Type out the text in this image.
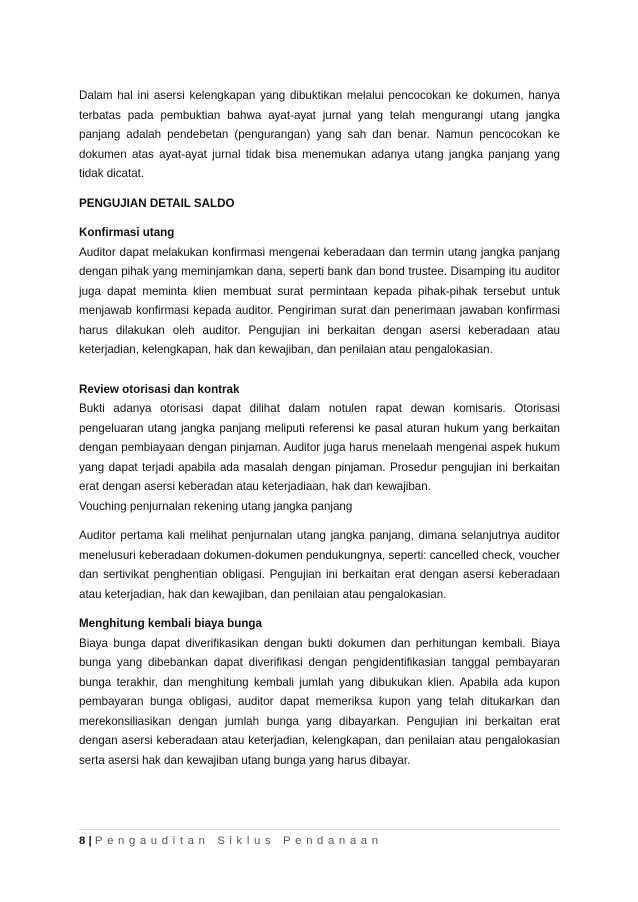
Dalam hal ini asersi kelengkapan yang dibuktikan melalui pencocokan ke dokumen, hanya terbatas pada pembuktian bahwa ayat-ayat jurnal yang telah mengurangi utang jangka panjang adalah pendebetan (pengurangan) yang sah dan benar. Namun pencocokan ke dokumen atas ayat-ayat jurnal tidak bisa menemukan adanya utang jangka panjang yang tidak dicatat.

PENGUJIAN DETAIL SALDO

Konfirmasi utang

Auditor dapat melakukan konfirmasi mengenai keberadaan dan termin utang jangka panjang dengan pihak yang meminjamkan dana, seperti bank dan bond trustee. Disamping itu auditor juga dapat meminta klien membuat surat permintaan kepada pihak-pihak tersebut untuk menjawab konfirmasi kepada auditor. Pengiriman surat dan penerimaan jawaban konfirmasi harus dilakukan oleh auditor. Pengujian ini berkaitan dengan asersi keberadaan atau keterjadian, kelengkapan, hak dan kewajiban, dan penilaian atau pengalokasian.

Review otorisasi dan kontrak

Bukti adanya otorisasi dapat dilihat dalam notulen rapat dewan komisaris. Otorisasi pengeluaran utang jangka panjang meliputi referensi ke pasal aturan hukum yang berkaitan dengan pembiayaan dengan pinjaman. Auditor juga harus menelaah mengenai aspek hukum yang dapat terjadi apabila ada masalah dengan pinjaman. Prosedur pengujian ini berkaitan erat dengan asersi keberadan atau keterjadiaan, hak dan kewajiban.

Vouching penjurnalan rekening utang jangka panjang

Auditor pertama kali melihat penjurnalan utang jangka panjang, dimana selanjutnya auditor menelusuri keberadaan dokumen-dokumen pendukungnya, seperti: cancelled check, voucher dan sertivikat penghentian obligasi. Pengujian ini berkaitan erat dengan asersi keberadaan atau keterjadian, hak dan kewajiban, dan penilaian atau pengalokasian.

Menghitung kembali biaya bunga

Biaya bunga dapat diverifikasikan dengan bukti dokumen dan perhitungan kembali. Biaya bunga yang dibebankan dapat diverifikasi dengan pengidentifikasian tanggal pembayaran bunga terakhir, dan menghitung kembali jumlah yang dibukukan klien. Apabila ada kupon pembayaran bunga obligasi, auditor dapat memeriksa kupon yang telah ditukarkan dan merekonsiliasikan dengan jumlah bunga yang dibayarkan. Pengujian ini berkaitan erat dengan asersi keberadaan atau keterjadian, kelengkapan, dan penilaian atau pengalokasian serta asersi hak dan kewajiban utang bunga yang harus dibayar.

8 | Pengauditan Siklus Pendanaan
